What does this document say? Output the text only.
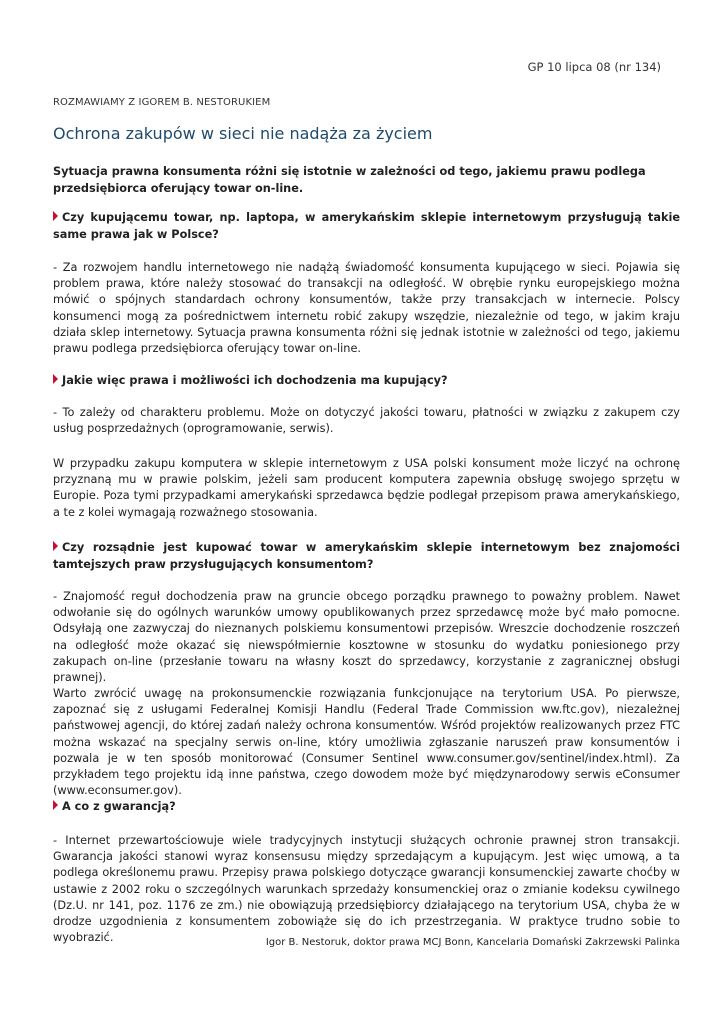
GP 10 lipca 08 (nr 134)
ROZMAWIAMY Z IGOREM B. NESTORUKIEM
Ochrona zakupów w sieci nie nadąża za życiem
Sytuacja prawna konsumenta różni się istotnie w zależności od tego, jakiemu prawu podlega przedsiębiorca oferujący towar on-line.
Czy kupującemu towar, np. laptopa, w amerykańskim sklepie internetowym przysługują takie same prawa jak w Polsce?
- Za rozwojem handlu internetowego nie nadążą świadomość konsumenta kupującego w sieci. Pojawia się problem prawa, które należy stosować do transakcji na odległość. W obrębie rynku europejskiego można mówić o spójnych standardach ochrony konsumentów, także przy transakcjach w internecie. Polscy konsumenci mogą za pośrednictwem internetu robić zakupy wszędzie, niezależnie od tego, w jakim kraju działa sklep internetowy. Sytuacja prawna konsumenta różni się jednak istotnie w zależności od tego, jakiemu prawu podlega przedsiębiorca oferujący towar on-line.
Jakie więc prawa i możliwości ich dochodzenia ma kupujący?
- To zależy od charakteru problemu. Może on dotyczyć jakości towaru, płatności w związku z zakupem czy usług posprzedażnych (oprogramowanie, serwis).
W przypadku zakupu komputera w sklepie internetowym z USA polski konsument może liczyć na ochronę przyznaną mu w prawie polskim, jeżeli sam producent komputera zapewnia obsługę swojego sprzętu w Europie. Poza tymi przypadkami amerykański sprzedawca będzie podlegał przepisom prawa amerykańskiego, a te z kolei wymagają rozważnego stosowania.
Czy rozsądnie jest kupować towar w amerykańskim sklepie internetowym bez znajomości tamtejszych praw przysługujących konsumentom?
- Znajomość reguł dochodzenia praw na gruncie obcego porządku prawnego to poważny problem. Nawet odwołanie się do ogólnych warunków umowy opublikowanych przez sprzedawcę może być mało pomocne. Odsyłają one zazwyczaj do nieznanych polskiemu konsumentowi przepisów. Wreszcie dochodzenie roszczeń na odległość może okazać się niewspółmiernie kosztowne w stosunku do wydatku poniesionego przy zakupach on-line (przesłanie towaru na własny koszt do sprzedawcy, korzystanie z zagranicznej obsługi prawnej).
Warto zwrócić uwagę na prokonsumenckie rozwiązania funkcjonujące na terytorium USA. Po pierwsze, zapoznać się z usługami Federalnej Komisji Handlu (Federal Trade Commission ww.ftc.gov), niezależnej państwowej agencji, do której zadań należy ochrona konsumentów. Wśród projektów realizowanych przez FTC można wskazać na specjalny serwis on-line, który umożliwia zgłaszanie naruszeń praw konsumentów i pozwala je w ten sposób monitorować (Consumer Sentinel www.consumer.gov/sentinel/index.html). Za przykładem tego projektu idą inne państwa, czego dowodem może być międzynarodowy serwis eConsumer (www.econsumer.gov).
A co z gwarancją?
- Internet przewartościowuje wiele tradycyjnych instytucji służących ochronie prawnej stron transakcji. Gwarancja jakości stanowi wyraz konsensusu między sprzedającym a kupującym. Jest więc umową, a ta podlega określonemu prawu. Przepisy prawa polskiego dotyczące gwarancji konsumenckiej zawarte choćby w ustawie z 2002 roku o szczególnych warunkach sprzedaży konsumenckiej oraz o zmianie kodeksu cywilnego (Dz.U. nr 141, poz. 1176 ze zm.) nie obowiązują przedsiębiorcy działającego na terytorium USA, chyba że w drodze uzgodnienia z konsumentem zobowiąże się do ich przestrzegania. W praktyce trudno sobie to wyobrazić.	Igor B. Nestoruk, doktor prawa MCJ Bonn, Kancelaria Domański Zakrzewski Palinka
